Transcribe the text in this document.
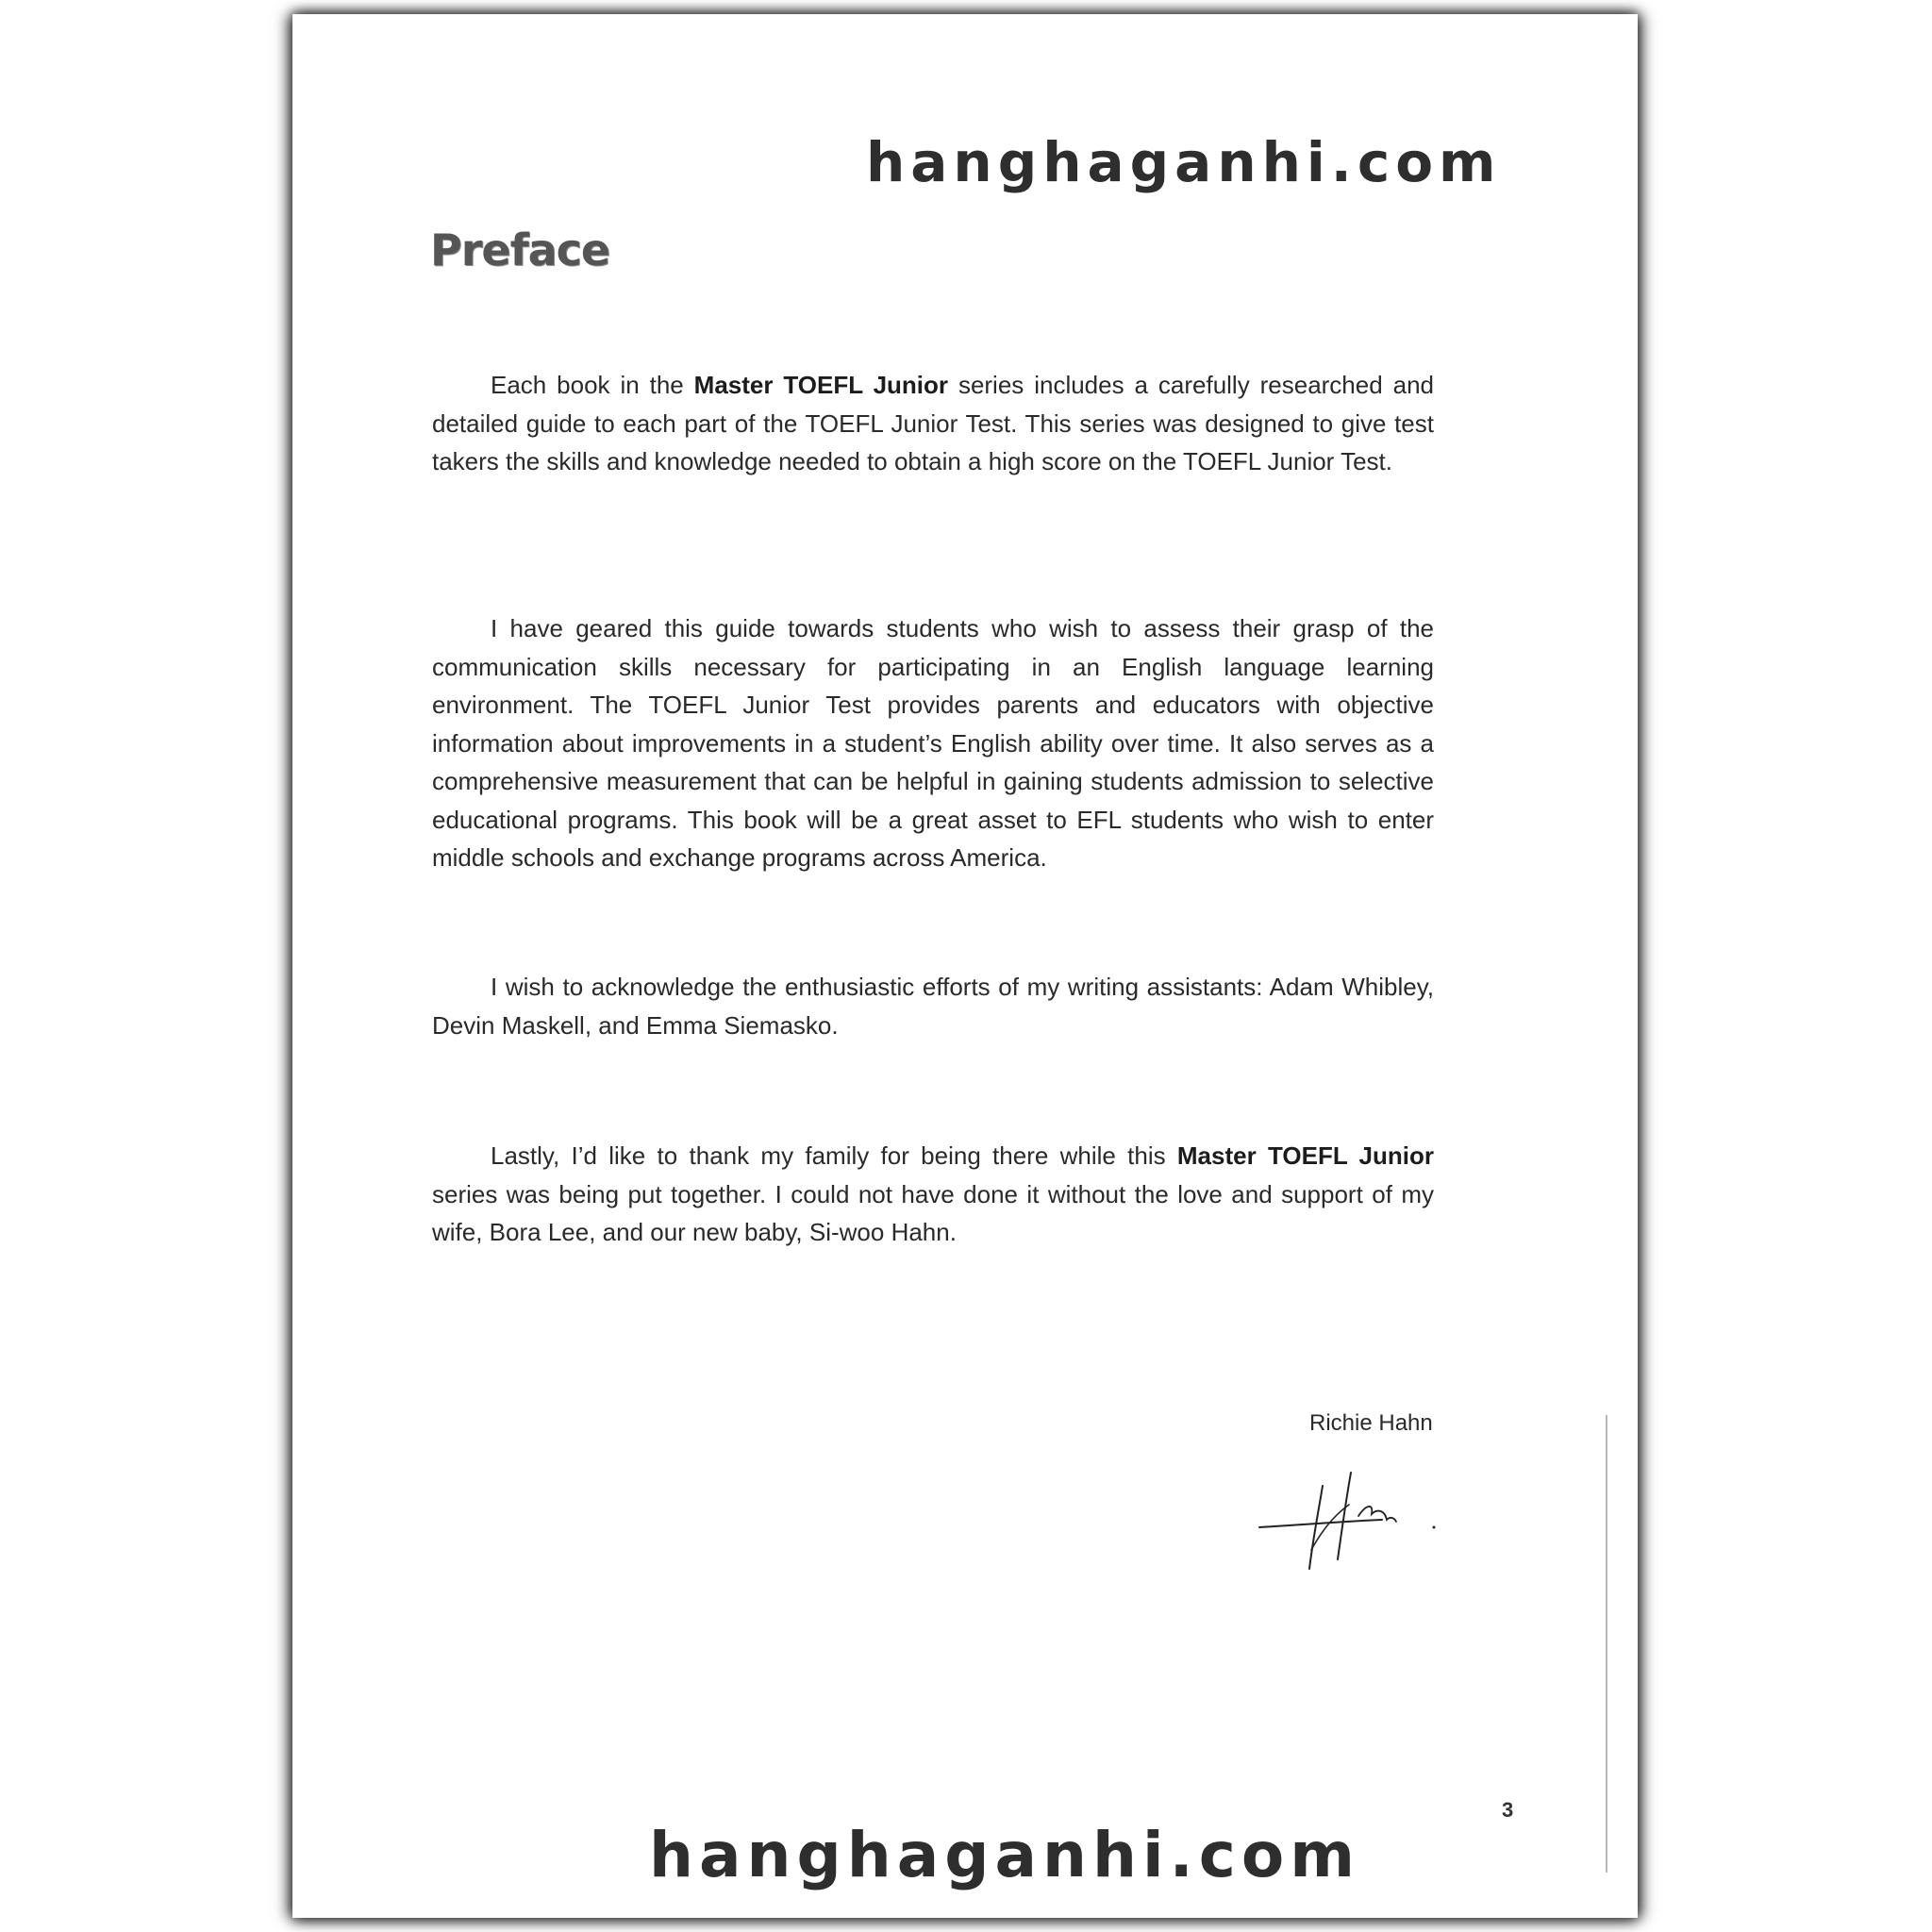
hanghaganhi.com
Preface

Each book in the Master TOEFL Junior series includes a carefully researched and detailed guide to each part of the TOEFL Junior Test. This series was designed to give test takers the skills and knowledge needed to obtain a high score on the TOEFL Junior Test.

I have geared this guide towards students who wish to assess their grasp of the communication skills necessary for participating in an English language learning environment. The TOEFL Junior Test provides parents and educators with objective information about improvements in a student’s English ability over time. It also serves as a comprehensive measurement that can be helpful in gaining students admission to selective educational programs. This book will be a great asset to EFL students who wish to enter middle schools and exchange programs across America.

I wish to acknowledge the enthusiastic efforts of my writing assistants: Adam Whibley, Devin Maskell, and Emma Siemasko.

Lastly, I’d like to thank my family for being there while this Master TOEFL Junior series was being put together. I could not have done it without the love and support of my wife, Bora Lee, and our new baby, Si-woo Hahn.

Richie Hahn
3
hanghaganhi.com
